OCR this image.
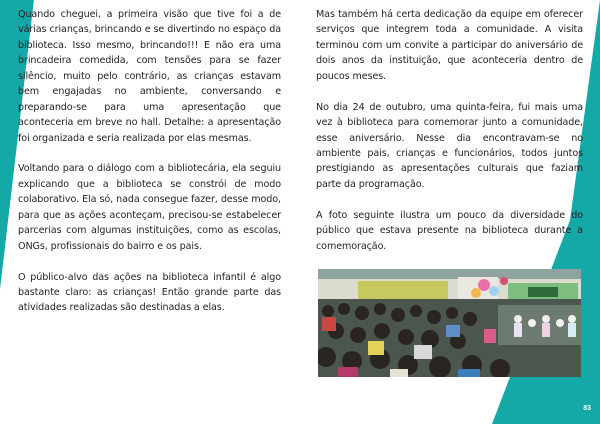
Quando cheguei, a primeira visão que tive foi a de várias crianças, brincando e se divertindo no espaço da biblioteca. Isso mesmo, brincando!!! E não era uma brincadeira comedida, com tensões para se fazer silêncio, muito pelo contrário, as crianças estavam bem engajadas no ambiente, conversando e preparando-se para uma apresentação que aconteceria em breve no hall. Detalhe: a apresentação foi organizada e seria realizada por elas mesmas.

Voltando para o diálogo com a bibliotecária, ela seguiu explicando que a biblioteca se constrói de modo colaborativo. Ela só, nada consegue fazer, desse modo, para que as ações aconteçam, precisou-se estabelecer parcerias com algumas instituições, como as escolas, ONGs, profissionais do bairro e os pais.

O público-alvo das ações na biblioteca infantil é algo bastante claro: as crianças! Então grande parte das atividades realizadas são destinadas a elas.

Mas também há certa dedicação da equipe em oferecer serviços que integrem toda a comunidade. A visita terminou com um convite a participar do aniversário de dois anos da instituição, que aconteceria dentro de poucos meses.

No dia 24 de outubro, uma quinta-feira, fui mais uma vez à biblioteca para comemorar junto a comunidade, esse aniversário. Nesse dia encontravam-se no ambiente pais, crianças e funcionários, todos juntos prestigiando as apresentações culturais que faziam parte da programação.

A foto seguinte ilustra um pouco da diversidade do público que estava presente na biblioteca durante a comemoração.

83
